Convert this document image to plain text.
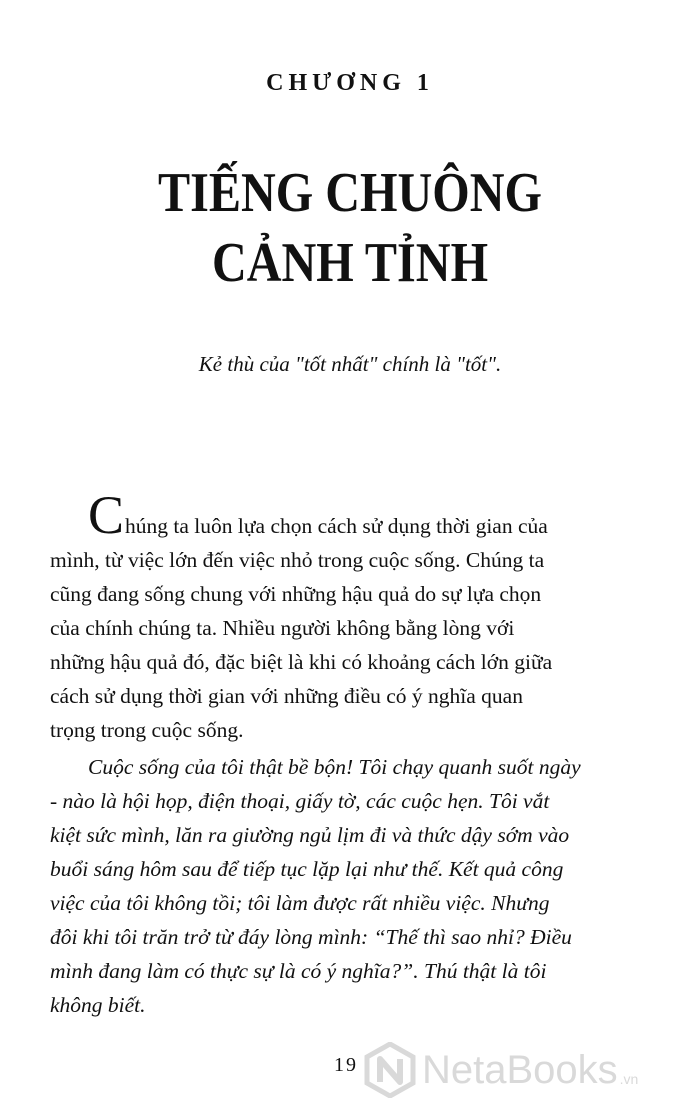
CHƯƠNG 1
TIẾNG CHUÔNG
CẢNH TỈNH
Kẻ thù của "tốt nhất" chính là "tốt".
Chúng ta luôn lựa chọn cách sử dụng thời gian của
mình, từ việc lớn đến việc nhỏ trong cuộc sống. Chúng ta
cũng đang sống chung với những hậu quả do sự lựa chọn
của chính chúng ta. Nhiều người không bằng lòng với
những hậu quả đó, đặc biệt là khi có khoảng cách lớn giữa
cách sử dụng thời gian với những điều có ý nghĩa quan
trọng trong cuộc sống.
Cuộc sống của tôi thật bề bộn! Tôi chạy quanh suốt ngày
- nào là hội họp, điện thoại, giấy tờ, các cuộc hẹn. Tôi vắt
kiệt sức mình, lăn ra giường ngủ lịm đi và thức dậy sớm vào
buổi sáng hôm sau để tiếp tục lặp lại như thế. Kết quả công
việc của tôi không tồi; tôi làm được rất nhiều việc. Nhưng
đôi khi tôi trăn trở từ đáy lòng mình: “Thế thì sao nhỉ? Điều
mình đang làm có thực sự là có ý nghĩa?”. Thú thật là tôi
không biết.
19 NetaBooks .vn
